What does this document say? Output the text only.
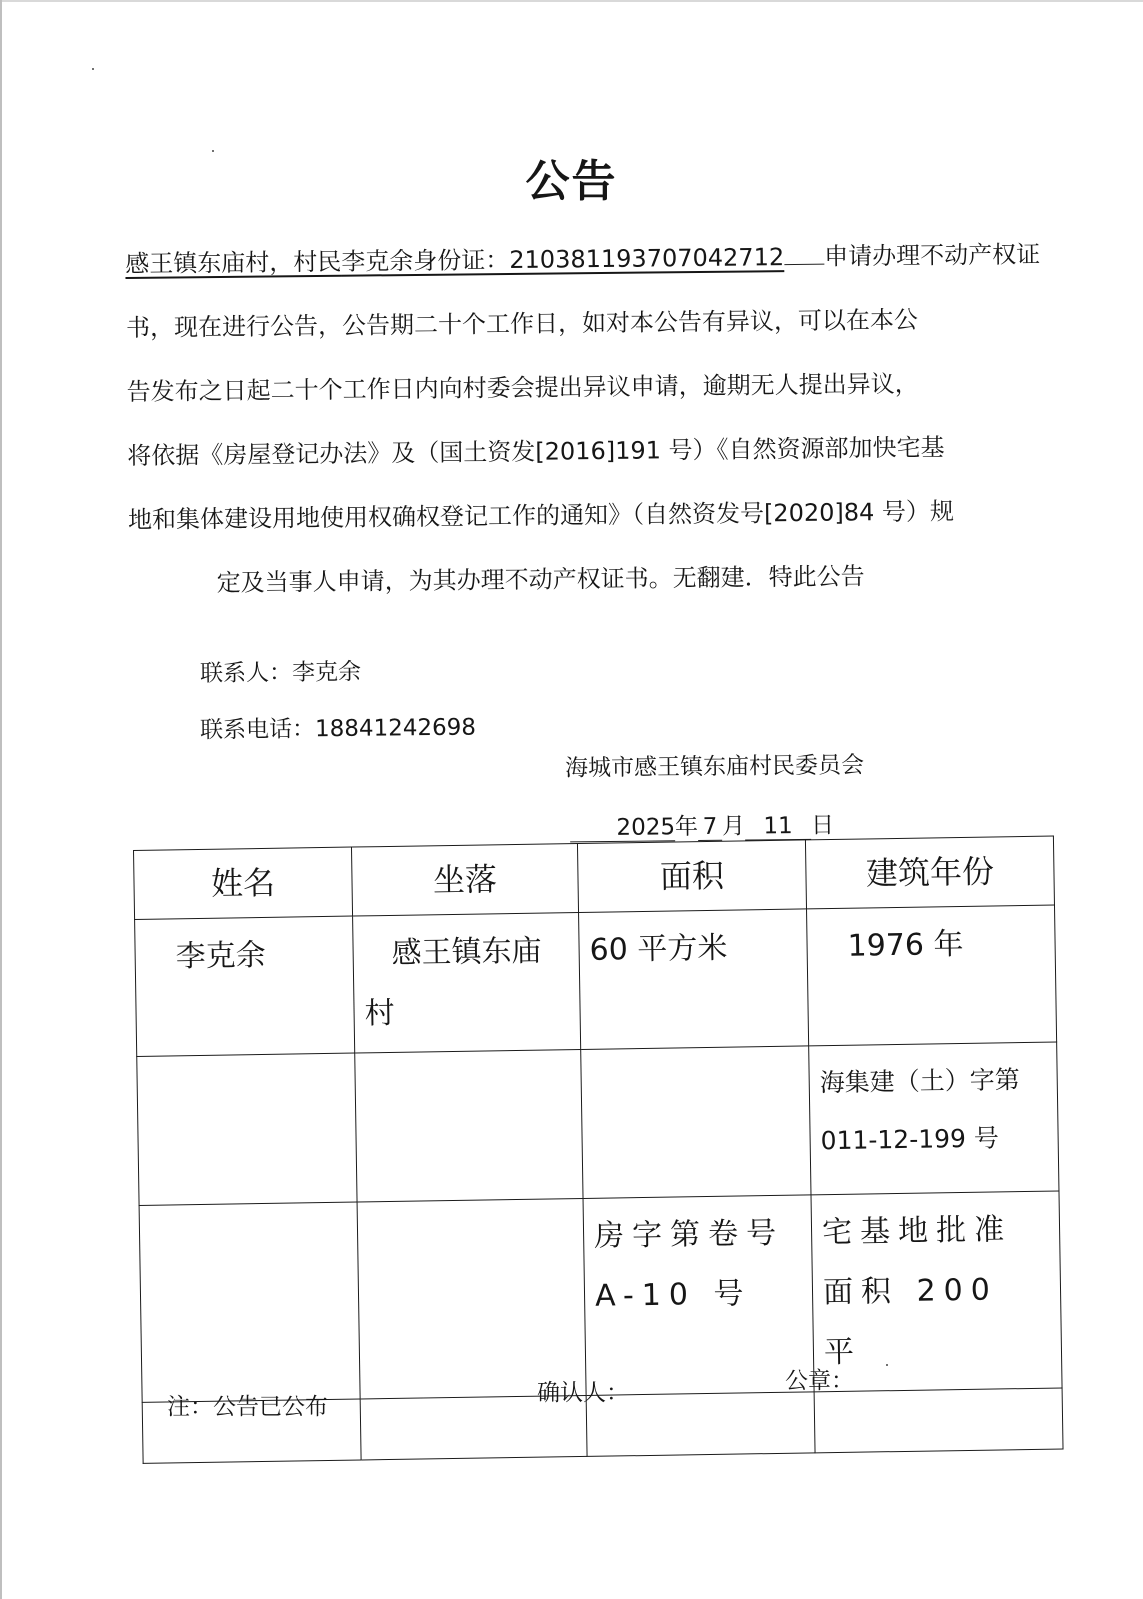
公告
感王镇东庙村，村民李克余身份证：210381193707042712 申请办理不动产权证
书，现在进行公告，公告期二十个工作日，如对本公告有异议，可以在本公
告发布之日起二十个工作日内向村委会提出异议申请，逾期无人提出异议，
将依据《房屋登记办法》及（国土资发[2016]191 号）《自然资源部加快宅基
地和集体建设用地使用权确权登记工作的通知》（自然资发号[2020]84 号）规
定及当事人申请，为其办理不动产权证书。无翻建．特此公告
联系人：李克余
联系电话：18841242698
海城市感王镇东庙村民委员会
2025年 7 月 11 日
姓名	坐落	面积	建筑年份
李克余	感王镇东庙村	60 平方米	1976 年
			海集建（土）字第011-12-199 号
		房字第卷号A-10 号	宅基地批准面积 200 平

注：公告已公布
确认人：	公章：
